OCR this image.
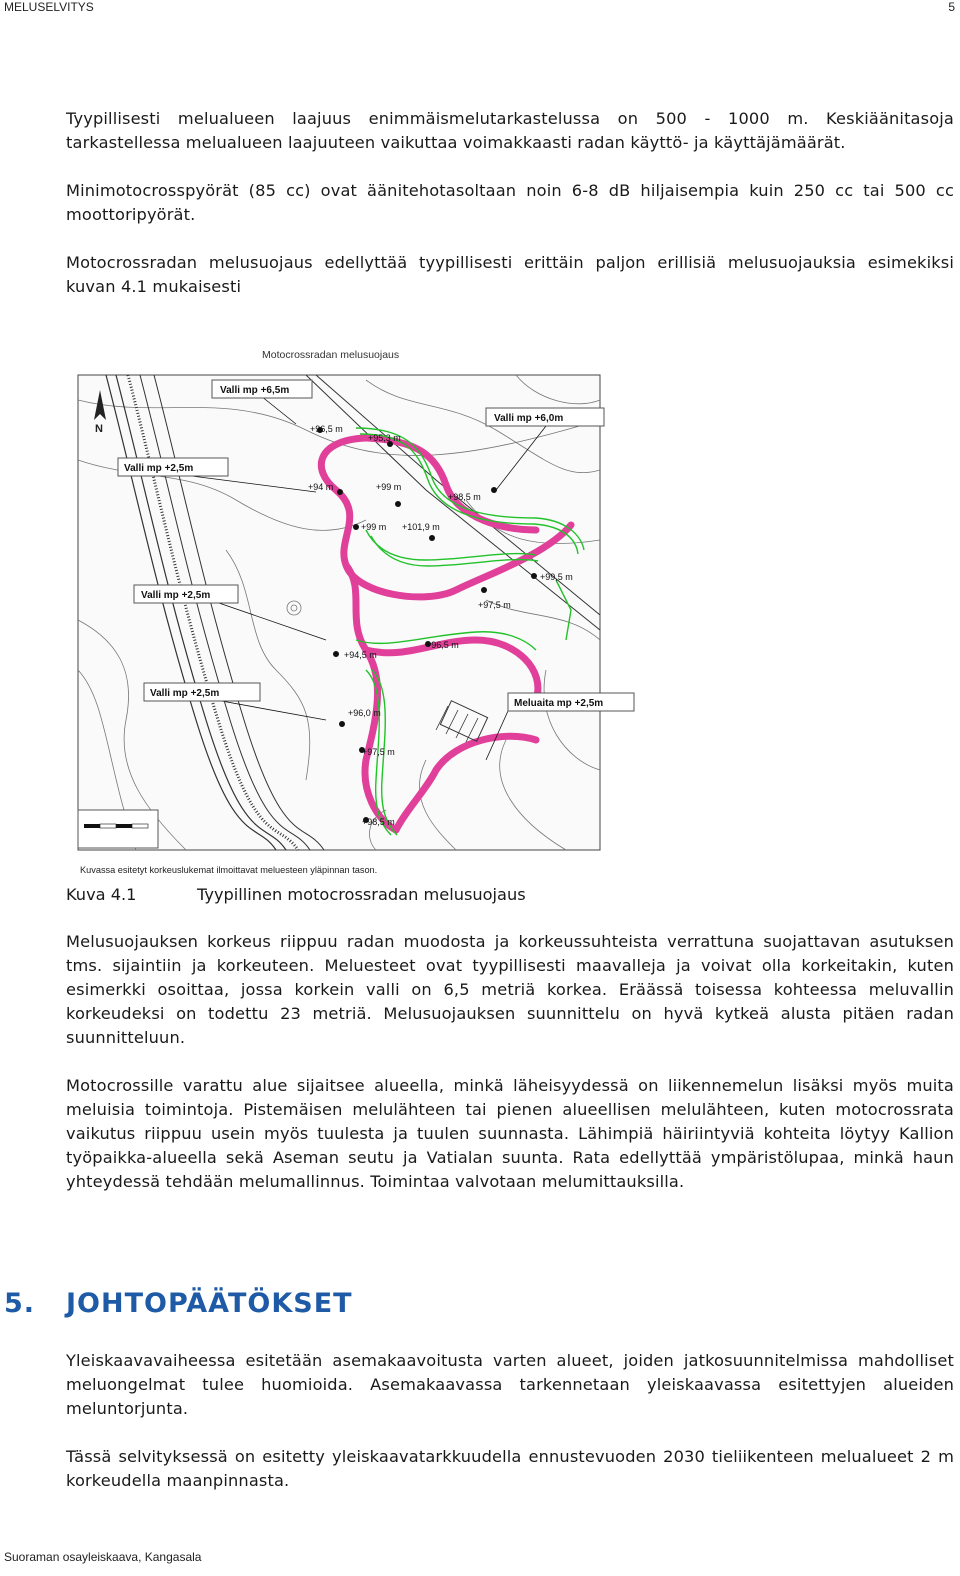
MELUSELVITYS	5

Tyypillisesti melualueen laajuus enimmäismelutarkastelussa on 500 - 1000 m. Keskiäänitasoja tarkastellessa melualueen laajuuteen vaikuttaa voimakkaasti radan käyttö- ja käyttäjämäärät.

Minimotocrosspyörät (85 cc) ovat äänitehotasoltaan noin 6-8 dB hiljaisempia kuin 250 cc tai 500 cc moottoripyörät.

Motocrossradan melusuojaus edellyttää tyypillisesti erittäin paljon erillisiä melusuojauksia esimekiksi kuvan 4.1 mukaisesti

Motocrossradan melusuojaus
N	+96,5 m
+95,3 m
+94 m	+99 m
+98,5 m
+99 m +101,9 m
+99,5 m
+97,5 m
+96,5 m
+94,5 m
+96,0 m
+97,5 m
+98,5 m
Valli mp +6,5m
Valli mp +6,0m
Valli mp +2,5m
Valli mp +2,5m
Valli mp +2,5m
Meluaita mp +2,5m
Kuvassa esitetyt korkeuslukemat ilmoittavat meluesteen yläpinnan tason.
Kuva 4.1	Tyypillinen motocrossradan melusuojaus

Melusuojauksen korkeus riippuu radan muodosta ja korkeussuhteista verrattuna suojattavan asutuksen tms. sijaintiin ja korkeuteen. Meluesteet ovat tyypillisesti maavalleja ja voivat olla korkeitakin, kuten esimerkki osoittaa, jossa korkein valli on 6,5 metriä korkea. Eräässä toisessa kohteessa meluvallin korkeudeksi on todettu 23 metriä. Melusuojauksen suunnittelu on hyvä kytkeä alusta pitäen radan suunnitteluun.

Motocrossille varattu alue sijaitsee alueella, minkä läheisyydessä on liikennemelun lisäksi myös muita meluisia toimintoja. Pistemäisen melulähteen tai pienen alueellisen melulähteen, kuten motocrossrata vaikutus riippuu usein myös tuulesta ja tuulen suunnasta. Lähimpiä häiriintyviä kohteita löytyy Kallion työpaikka-alueella sekä Aseman seutu ja Vatialan suunta. Rata edellyttää ympäristölupaa, minkä haun yhteydessä tehdään melumallinnus. Toimintaa valvotaan melumittauksilla.

5. JOHTOPÄÄTÖKSET

Yleiskaavavaiheessa esitetään asemakaavoitusta varten alueet, joiden jatkosuunnitelmissa mahdolliset meluongelmat tulee huomioida. Asemakaavassa tarkennetaan yleiskaavassa esitettyjen alueiden meluntorjunta.

Tässä selvityksessä on esitetty yleiskaavatarkkuudella ennustevuoden 2030 tieliikenteen melualueet 2 m korkeudella maanpinnasta.

Suoraman osayleiskaava, Kangasala
